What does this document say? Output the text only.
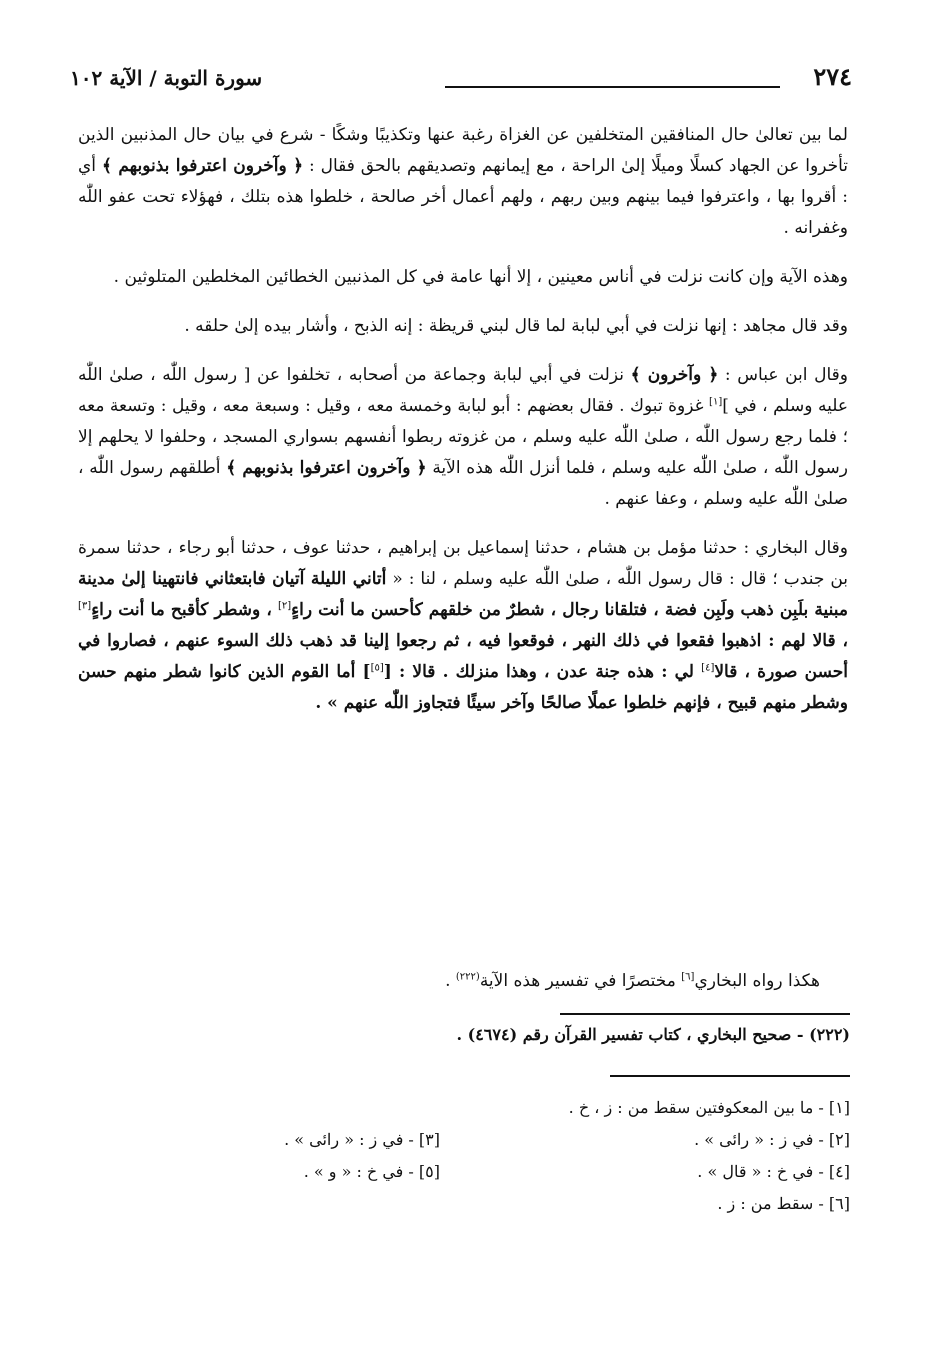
٢٧٤
سورة التوبة / الآية ١٠٢

لما بين تعالىٰ حال المنافقين المتخلفين عن الغزاة رغبة عنها وتكذيبًا وشكًا - شرع في بيان حال المذنبين الذين تأخروا عن الجهاد كسلًا وميلًا إلىٰ الراحة ، مع إيمانهم وتصديقهم بالحق فقال : ﴿ وآخرون اعترفوا بذنوبهم ﴾ أي : أقروا بها ، واعترفوا فيما بينهم وبين ربهم ، ولهم أعمال أخر صالحة ، خلطوا هذه بتلك ، فهؤلاء تحت عفو اللّٰه وغفرانه .

وهذه الآية وإن كانت نزلت في أناس معينين ، إلا أنها عامة في كل المذنبين الخطائين المخلطين المتلوثين .

وقد قال مجاهد : إنها نزلت في أبي لبابة لما قال لبني قريظة : إنه الذبح ، وأشار بيده إلىٰ حلقه .

وقال ابن عباس : ﴿ وآخرون ﴾ نزلت في أبي لبابة وجماعة من أصحابه ، تخلفوا عن [ رسول اللّٰه ، صلىٰ اللّٰه عليه وسلم ، في ][١] غزوة تبوك . فقال بعضهم : أبو لبابة وخمسة معه ، وقيل : وسبعة معه ، وقيل : وتسعة معه ؛ فلما رجع رسول اللّٰه ، صلىٰ اللّٰه عليه وسلم ، من غزوته ربطوا أنفسهم بسواري المسجد ، وحلفوا لا يحلهم إلا رسول اللّٰه ، صلىٰ اللّٰه عليه وسلم ، فلما أنزل اللّٰه هذه الآية ﴿ وآخرون اعترفوا بذنوبهم ﴾ أطلقهم رسول اللّٰه ، صلىٰ اللّٰه عليه وسلم ، وعفا عنهم .

وقال البخاري : حدثنا مؤمل بن هشام ، حدثنا إسماعيل بن إبراهيم ، حدثنا عوف ، حدثنا أبو رجاء ، حدثنا سمرة بن جندب ؛ قال : قال رسول اللّٰه ، صلىٰ اللّٰه عليه وسلم ، لنا : « أتاني الليلة آتيان فابتعثاني فانتهينا إلىٰ مدينة مبنية بلَبِن ذهب ولَبِن فضة ، فتلقانا رجال ، شطرٌ من خلقهم كأحسن ما أنت راءٍ[٢] ، وشطر كأقبح ما أنت راءٍ[٣] ، قالا لهم : اذهبوا فقعوا في ذلك النهر ، فوقعوا فيه ، ثم رجعوا إلينا قد ذهب ذلك السوء عنهم ، فصاروا في أحسن صورة ، قالا[٤] لي : هذه جنة عدن ، وهذا منزلك . قالا : [[٥]] أما القوم الذين كانوا شطر منهم حسن وشطر منهم قبيح ، فإنهم خلطوا عملًا صالحًا وآخر سيئًا فتجاوز اللّٰه عنهم » .

هكذا رواه البخاري[٦] مختصرًا في تفسير هذه الآية$^{(٢٢٢)}$ .
(٢٢٢) - صحيح البخاري ، كتاب تفسير القرآن رقم (٤٦٧٤) .
[١] - ما بين المعكوفتين سقط من : ز ، خ .
[٢] - في ز : « رائى » .
[٣] - في ز : « رائى » .
[٤] - في خ : « قال » .
[٥] - في خ : « و » .
[٦] - سقط من : ز .
